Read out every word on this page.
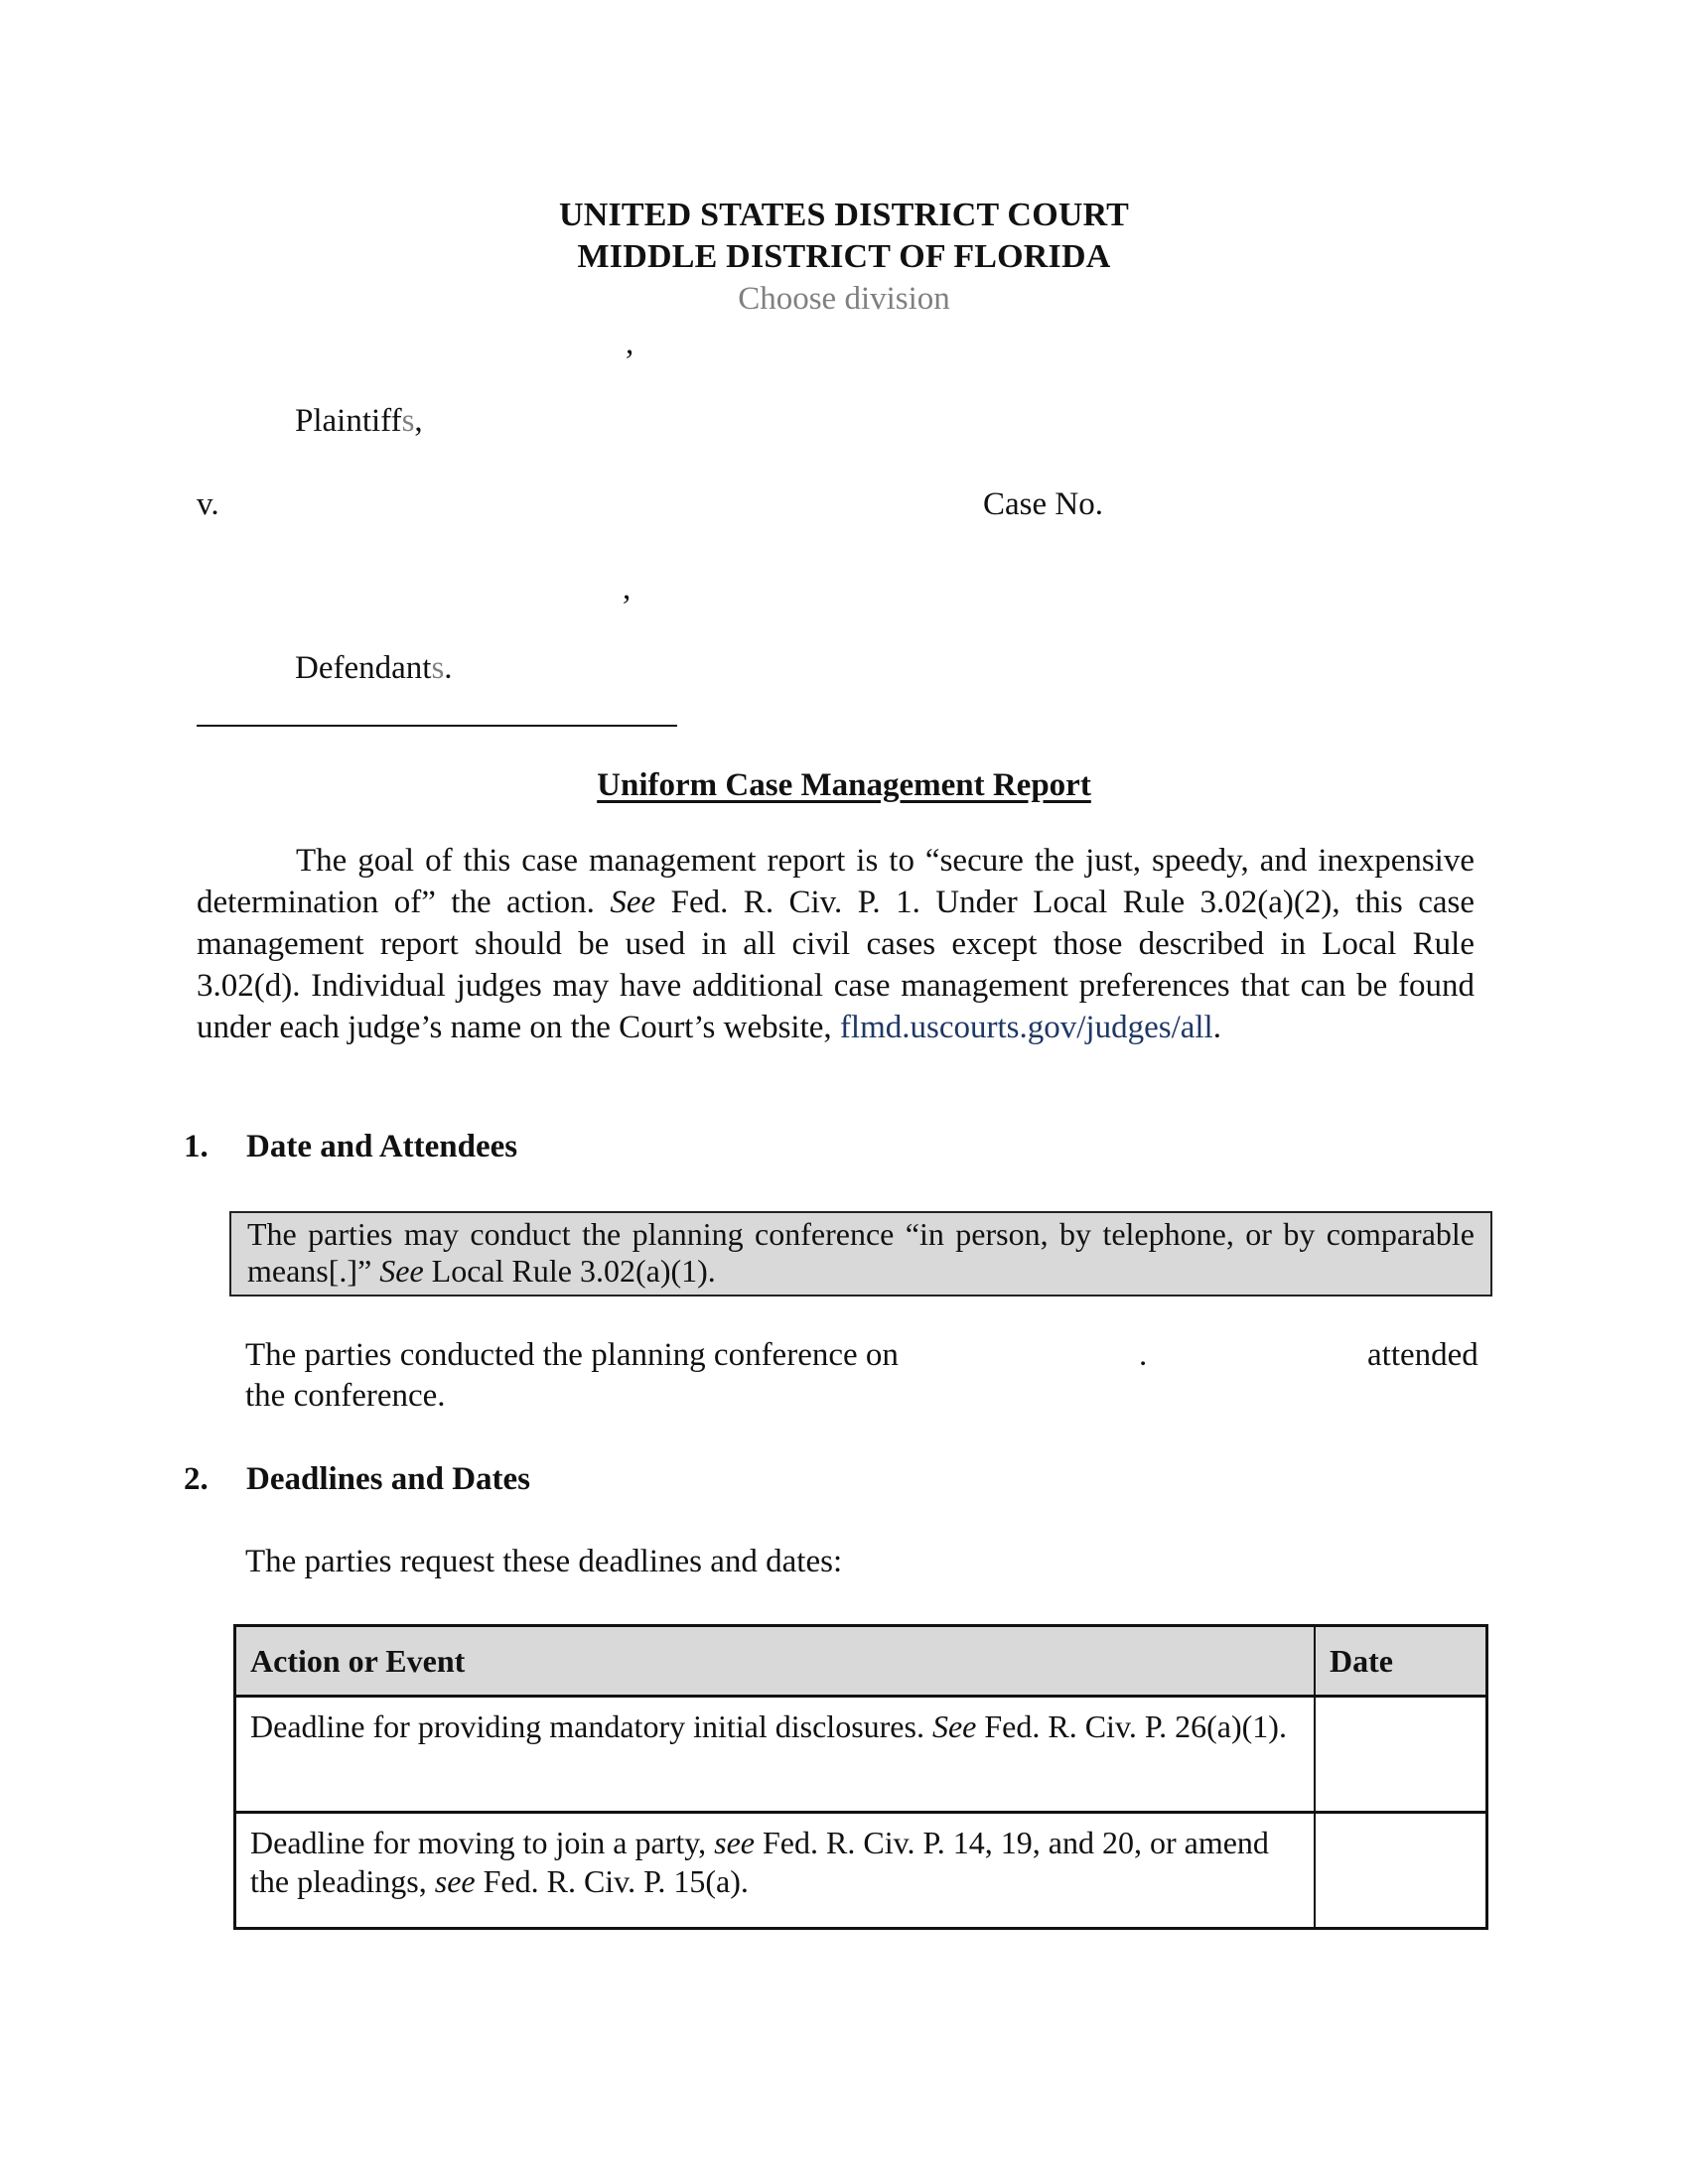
UNITED STATES DISTRICT COURT
MIDDLE DISTRICT OF FLORIDA
Choose division
,
Plaintiffs,
v.	Case No.
,
Defendants.
Uniform Case Management Report
The goal of this case management report is to “secure the just, speedy, and inexpensive determination of” the action. See Fed. R. Civ. P. 1. Under Local Rule 3.02(a)(2), this case management report should be used in all civil cases except those described in Local Rule 3.02(d). Individual judges may have additional case management preferences that can be found under each judge’s name on the Court’s website, flmd.uscourts.gov/judges/all.
1. Date and Attendees
The parties may conduct the planning conference “in person, by telephone, or by comparable means[.]” See Local Rule 3.02(a)(1).
The parties conducted the planning conference on	.	attended
the conference.
2. Deadlines and Dates
The parties request these deadlines and dates:
Action or Event	Date
Deadline for providing mandatory initial disclosures. See Fed. R. Civ. P. 26(a)(1).	
Deadline for moving to join a party, see Fed. R. Civ. P. 14, 19, and 20, or amend the pleadings, see Fed. R. Civ. P. 15(a).	
